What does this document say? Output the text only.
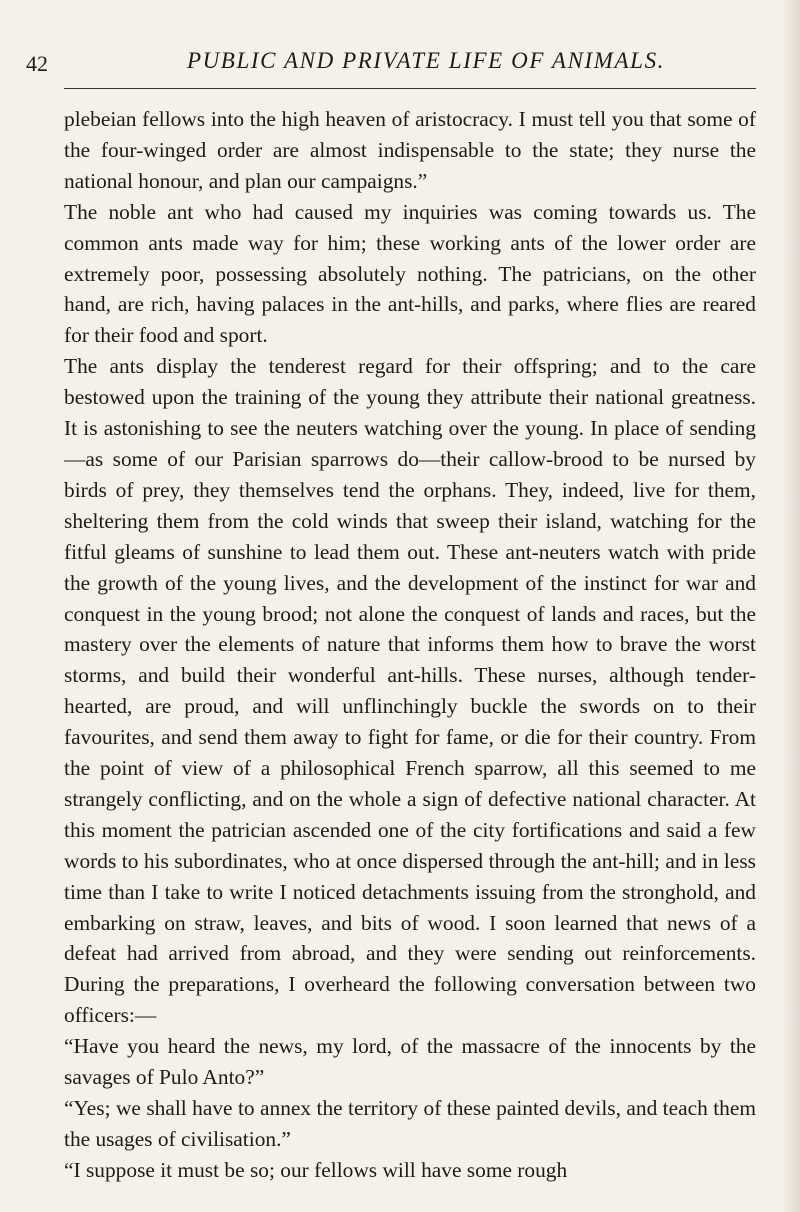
42	PUBLIC AND PRIVATE LIFE OF ANIMALS.

plebeian fellows into the high heaven of aristocracy. I must tell you that some of the four-winged order are almost indispensable to the state; they nurse the national honour, and plan our campaigns.”

The noble ant who had caused my inquiries was coming towards us. The common ants made way for him; these working ants of the lower order are extremely poor, possessing absolutely nothing. The patricians, on the other hand, are rich, having palaces in the ant-hills, and parks, where flies are reared for their food and sport.

The ants display the tenderest regard for their offspring; and to the care bestowed upon the training of the young they attribute their national greatness. It is astonishing to see the neuters watching over the young. In place of sending—as some of our Parisian sparrows do—their callow-brood to be nursed by birds of prey, they themselves tend the orphans. They, indeed, live for them, sheltering them from the cold winds that sweep their island, watching for the fitful gleams of sunshine to lead them out. These ant-neuters watch with pride the growth of the young lives, and the development of the instinct for war and conquest in the young brood; not alone the conquest of lands and races, but the mastery over the elements of nature that informs them how to brave the worst storms, and build their wonderful ant-hills. These nurses, although tender-hearted, are proud, and will unflinchingly buckle the swords on to their favourites, and send them away to fight for fame, or die for their country. From the point of view of a philosophical French sparrow, all this seemed to me strangely conflicting, and on the whole a sign of defective national character. At this moment the patrician ascended one of the city fortifications and said a few words to his subordinates, who at once dispersed through the ant-hill; and in less time than I take to write I noticed detachments issuing from the stronghold, and embarking on straw, leaves, and bits of wood. I soon learned that news of a defeat had arrived from abroad, and they were sending out reinforcements. During the preparations, I overheard the following conversation between two officers:—

“Have you heard the news, my lord, of the massacre of the innocents by the savages of Pulo Anto?”

“Yes; we shall have to annex the territory of these painted devils, and teach them the usages of civilisation.”

“I suppose it must be so; our fellows will have some rough
